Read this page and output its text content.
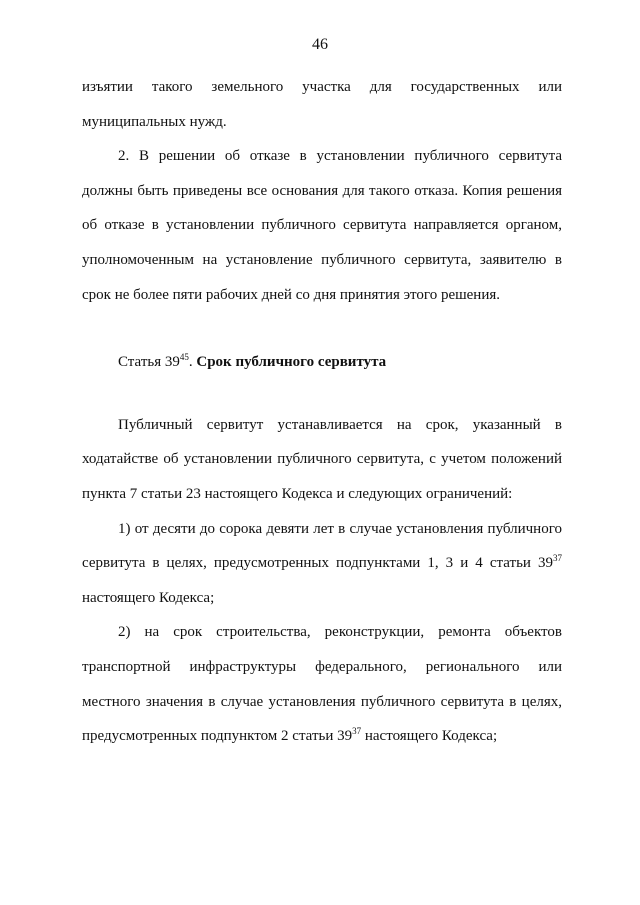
46

изъятии такого земельного участка для государственных или муниципальных нужд.

2. В решении об отказе в установлении публичного сервитута должны быть приведены все основания для такого отказа. Копия решения об отказе в установлении публичного сервитута направляется органом, уполномоченным на установление публичного сервитута, заявителю в срок не более пяти рабочих дней со дня принятия этого решения.

Статья $39^{45}$. Срок публичного сервитута

Публичный сервитут устанавливается на срок, указанный в ходатайстве об установлении публичного сервитута, с учетом положений пункта 7 статьи 23 настоящего Кодекса и следующих ограничений:

1) от десяти до сорока девяти лет в случае установления публичного сервитута в целях, предусмотренных подпунктами 1, 3 и 4 статьи $39^{37}$ настоящего Кодекса;

2) на срок строительства, реконструкции, ремонта объектов транспортной инфраструктуры федерального, регионального или местного значения в случае установления публичного сервитута в целях, предусмотренных подпунктом 2 статьи $39^{37}$ настоящего Кодекса;
